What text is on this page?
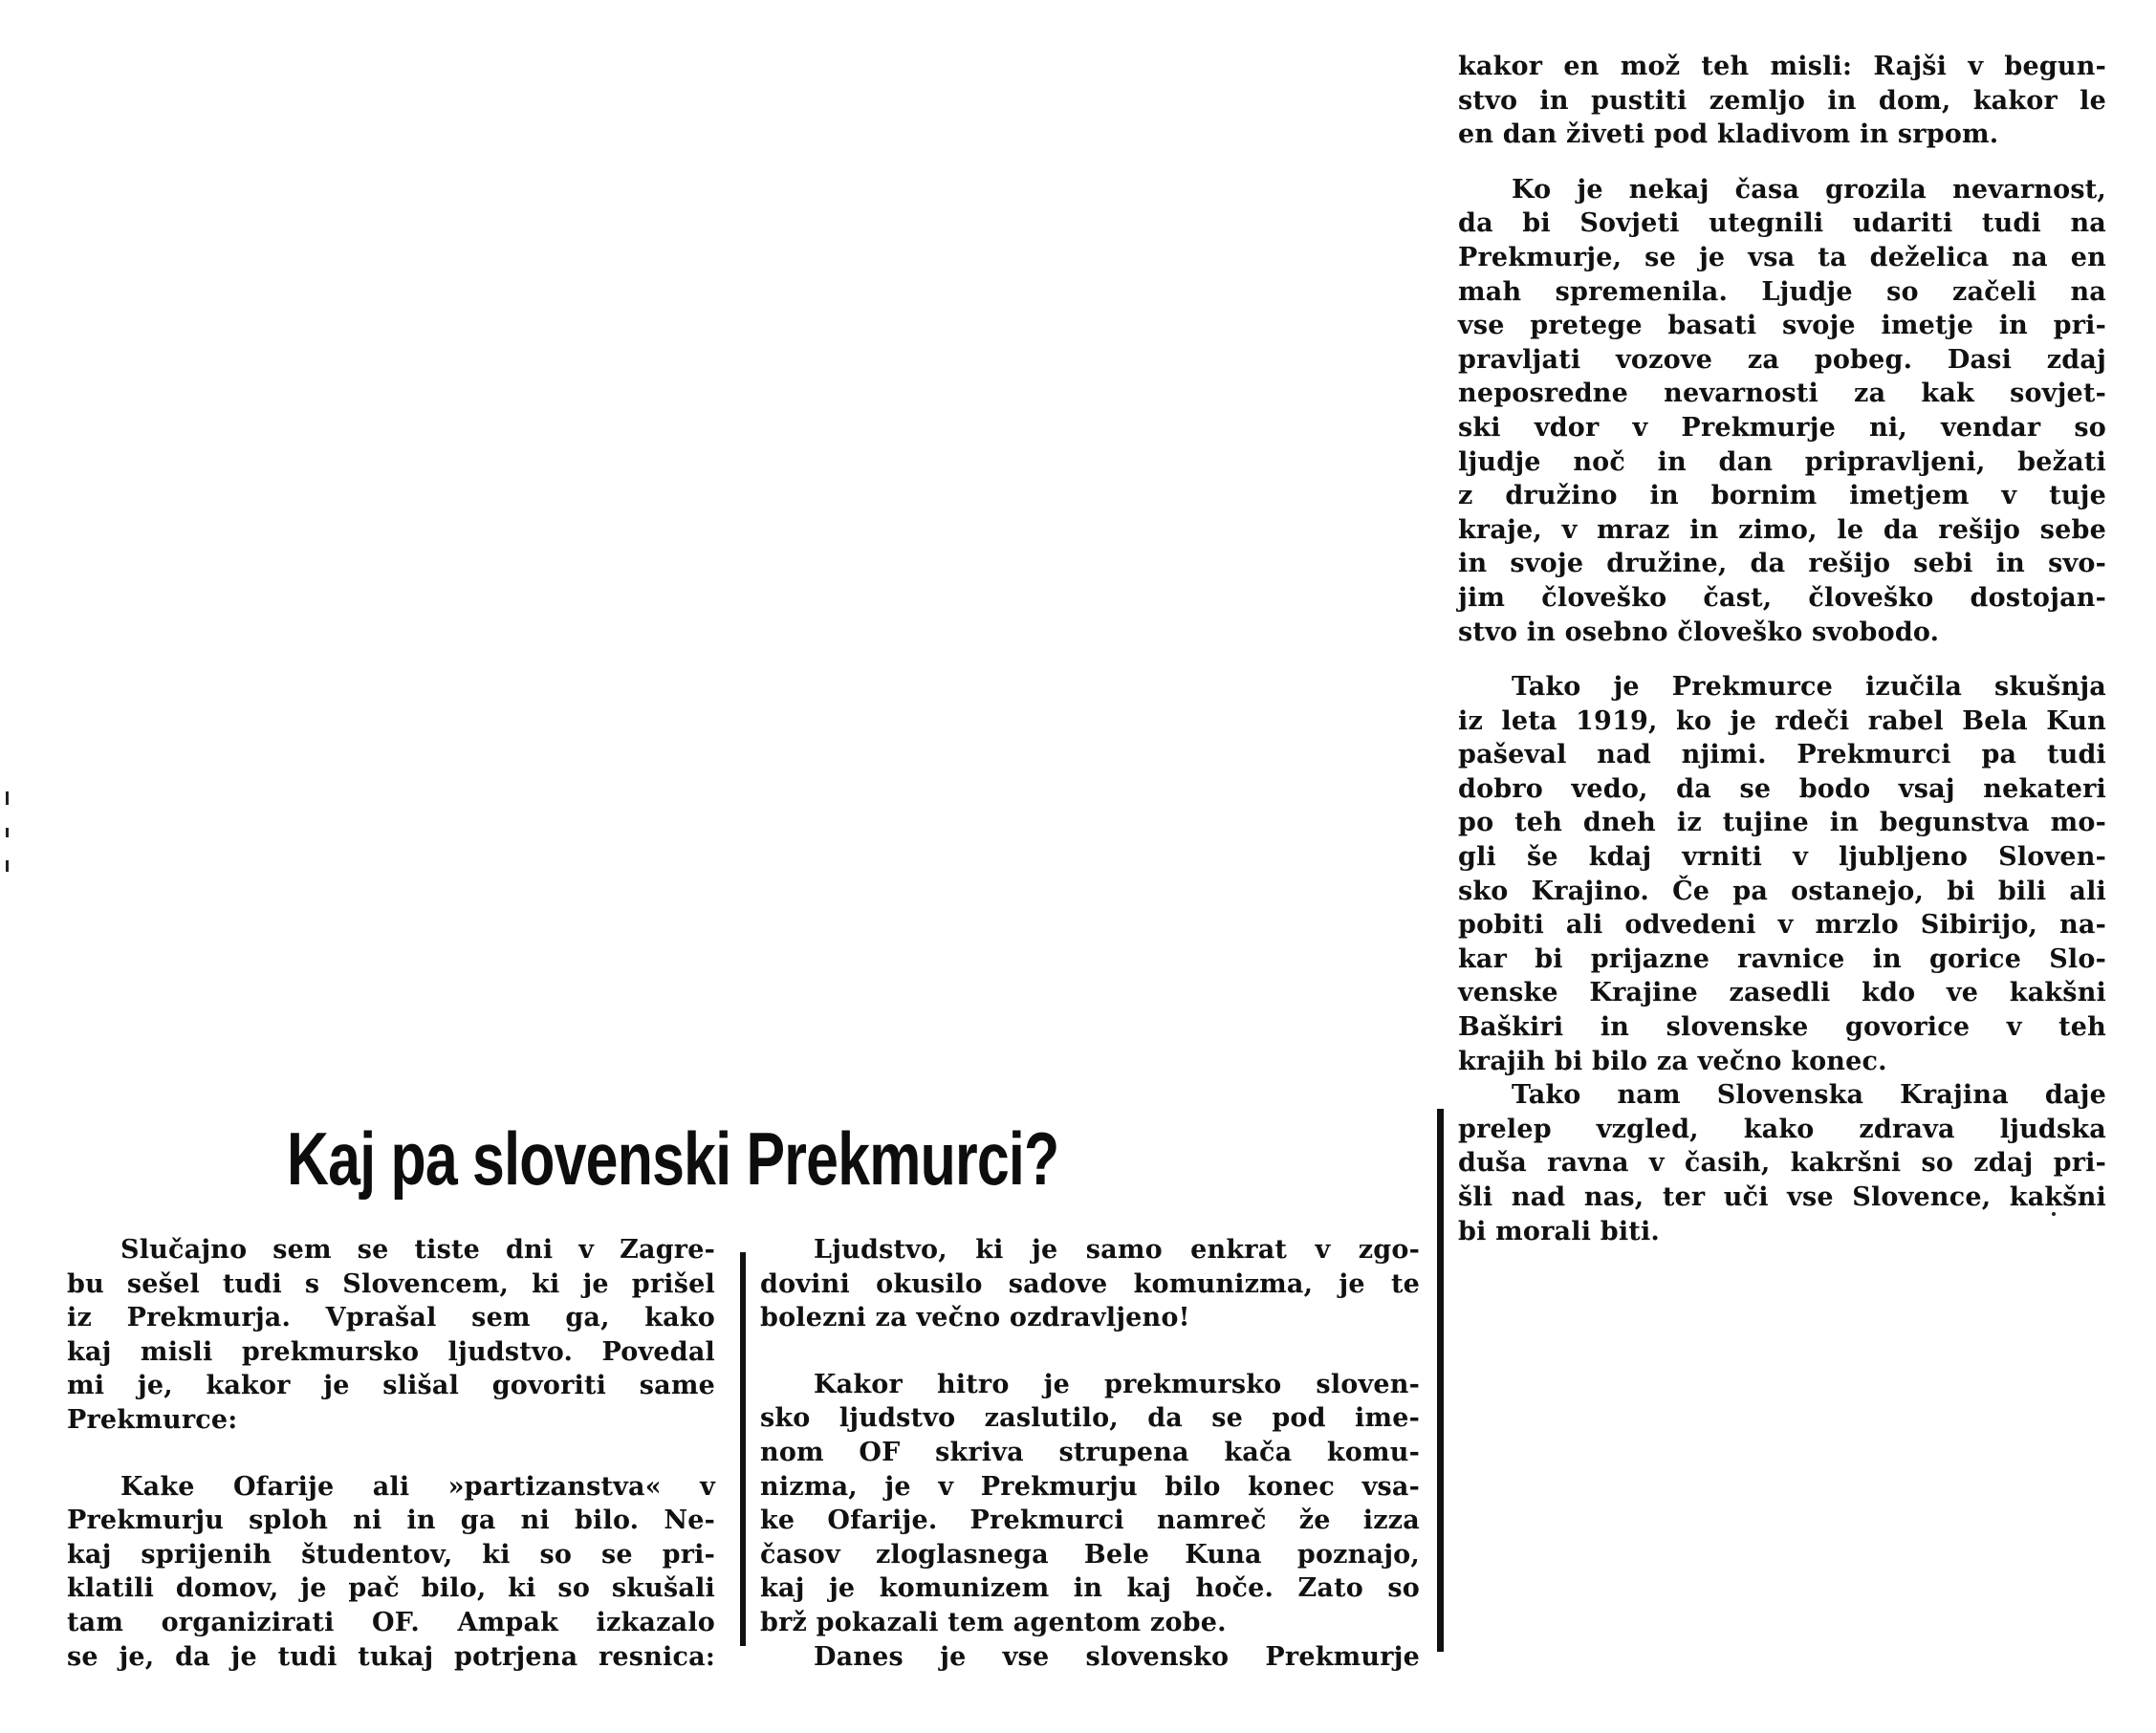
kakor en mož teh misli: Rajši v begun-

stvo in pustiti zemljo in dom, kakor le

en dan živeti pod kladivom in srpom.

Ko je nekaj časa grozila nevarnost,

da bi Sovjeti utegnili udariti tudi na

Prekmurje, se je vsa ta deželica na en

mah spremenila. Ljudje so začeli na

vse pretege basati svoje imetje in pri-

pravljati vozove za pobeg. Dasi zdaj

neposredne nevarnosti za kak sovjet-

ski vdor v Prekmurje ni, vendar so

ljudje noč in dan pripravljeni, bežati

z družino in bornim imetjem v tuje

kraje, v mraz in zimo, le da rešijo sebe

in svoje družine, da rešijo sebi in svo-

jim človeško čast, človeško dostojan-

stvo in osebno človeško svobodo.

Tako je Prekmurce izučila skušnja

iz leta 1919, ko je rdeči rabel Bela Kun

paševal nad njimi. Prekmurci pa tudi

dobro vedo, da se bodo vsaj nekateri

po teh dneh iz tujine in begunstva mo-

gli še kdaj vrniti v ljubljeno Sloven-

sko Krajino. Če pa ostanejo, bi bili ali

pobiti ali odvedeni v mrzlo Sibirijo, na-

kar bi prijazne ravnice in gorice Slo-

venske Krajine zasedli kdo ve kakšni

Baškiri in slovenske govorice v teh

krajih bi bilo za večno konec.

Tako nam Slovenska Krajina daje

prelep vzgled, kako zdrava ljudska

duša ravna v časih, kakršni so zdaj pri-

šli nad nas, ter uči vse Slovence, kakšni

bi morali biti.

Kaj pa slovenski Prekmurci?

Slučajno sem se tiste dni v Zagre-

bu sešel tudi s Slovencem, ki je prišel

iz Prekmurja. Vprašal sem ga, kako

kaj misli prekmursko ljudstvo. Povedal

mi je, kakor je slišal govoriti same

Prekmurce:

Kake Ofarije ali »partizanstva« v

Prekmurju sploh ni in ga ni bilo. Ne-

kaj sprijenih študentov, ki so se pri-

klatili domov, je pač bilo, ki so skušali

tam organizirati OF. Ampak izkazalo

se je, da je tudi tukaj potrjena resnica:

Ljudstvo, ki je samo enkrat v zgo-

dovini okusilo sadove komunizma, je te

bolezni za večno ozdravljeno!

Kakor hitro je prekmursko sloven-

sko ljudstvo zaslutilo, da se pod ime-

nom OF skriva strupena kača komu-

nizma, je v Prekmurju bilo konec vsa-

ke Ofarije. Prekmurci namreč že izza

časov zloglasnega Bele Kuna poznajo,

kaj je komunizem in kaj hoče. Zato so

brž pokazali tem agentom zobe.

Danes je vse slovensko Prekmurje
